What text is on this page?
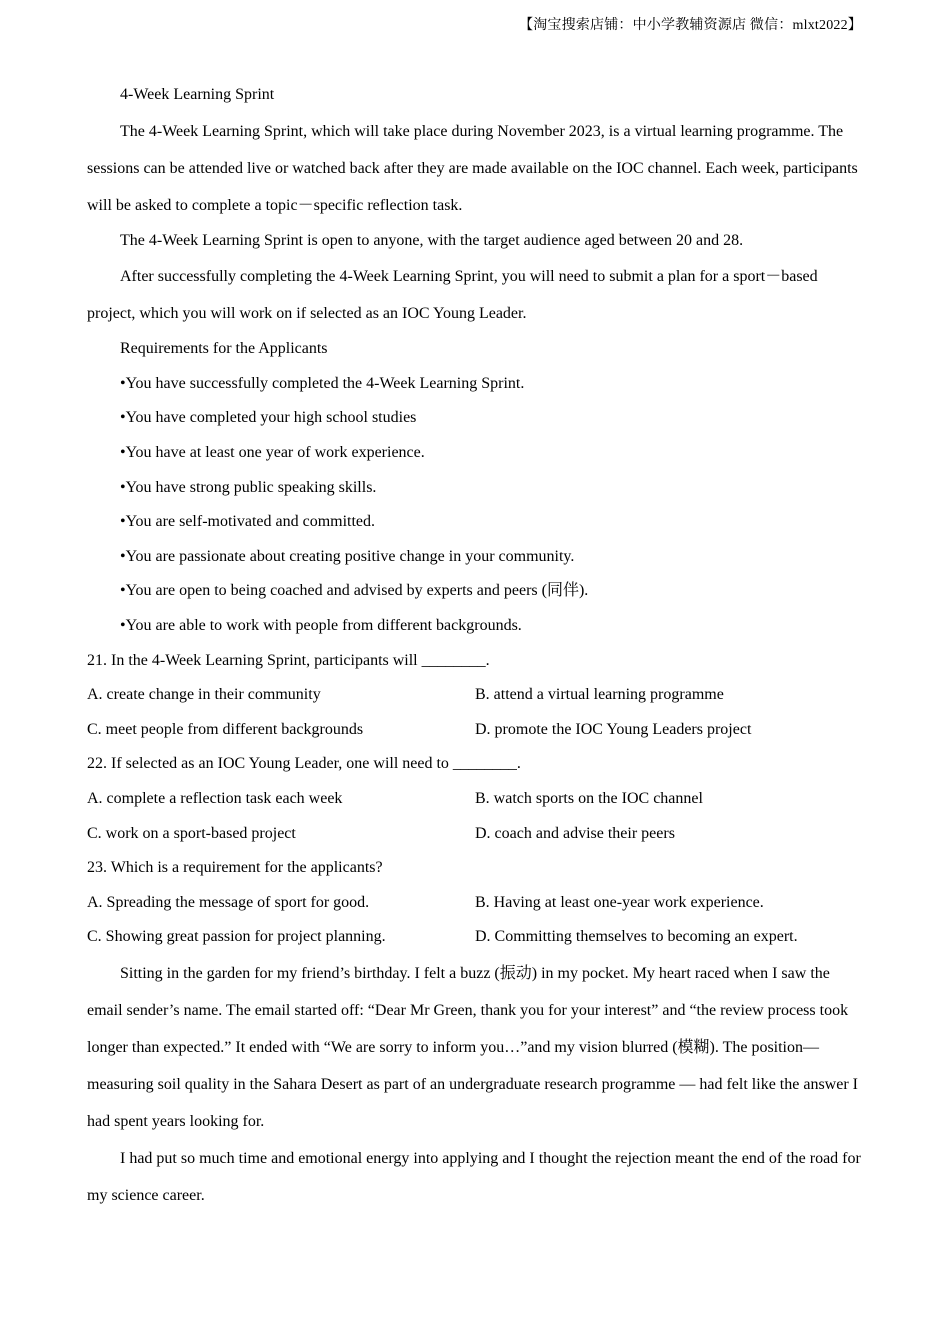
【淘宝搜索店铺：中小学教辅资源店 微信：mlxt2022】

4-Week Learning Sprint

The 4-Week Learning Sprint, which will take place during November 2023, is a virtual learning programme. The sessions can be attended live or watched back after they are made available on the IOC channel. Each week, participants will be asked to complete a topic－specific reflection task.

The 4-Week Learning Sprint is open to anyone, with the target audience aged between 20 and 28.

After successfully completing the 4-Week Learning Sprint, you will need to submit a plan for a sport－based project, which you will work on if selected as an IOC Young Leader.

Requirements for the Applicants

•You have successfully completed the 4-Week Learning Sprint.

•You have completed your high school studies

•You have at least one year of work experience.

•You have strong public speaking skills.

•You are self-motivated and committed.

•You are passionate about creating positive change in your community.

•You are open to being coached and advised by experts and peers (同伴).

•You are able to work with people from different backgrounds.

21. In the 4-Week Learning Sprint, participants will ________.

A. create change in their community	B. attend a virtual learning programme
C. meet people from different backgrounds	D. promote the IOC Young Leaders project

22. If selected as an IOC Young Leader, one will need to ________.

A. complete a reflection task each week	B. watch sports on the IOC channel
C. work on a sport-based project	D. coach and advise their peers

23. Which is a requirement for the applicants?

A. Spreading the message of sport for good.	B. Having at least one-year work experience.
C. Showing great passion for project planning.	D. Committing themselves to becoming an expert.

Sitting in the garden for my friend’s birthday. I felt a buzz (振动) in my pocket. My heart raced when I saw the email sender’s name. The email started off: “Dear Mr Green, thank you for your interest” and “the review process took longer than expected.” It ended with “We are sorry to inform you…”and my vision blurred (模糊). The position—measuring soil quality in the Sahara Desert as part of an undergraduate research programme — had felt like the answer I had spent years looking for.

I had put so much time and emotional energy into applying and I thought the rejection meant the end of the road for my science career.
